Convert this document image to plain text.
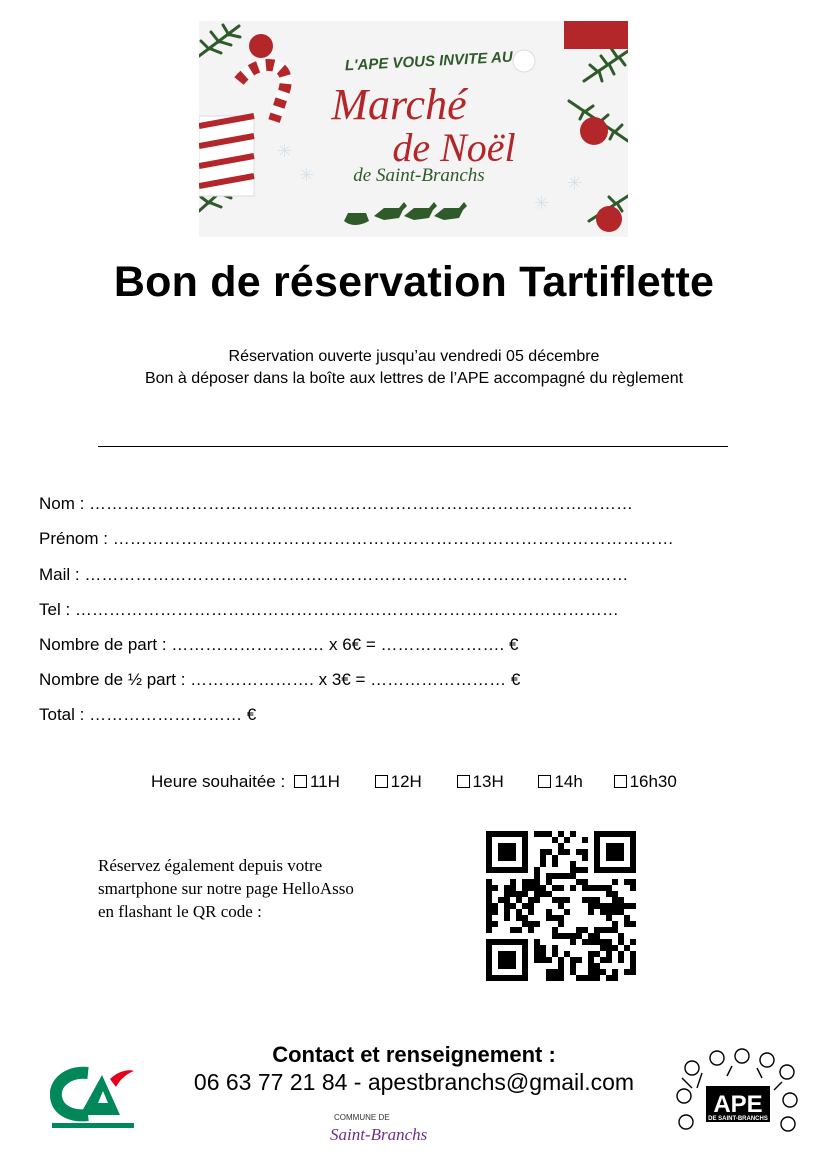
✳
✳
✳
✳
L'APE VOUS INVITE AU
Marché
de Noël
de Saint-Branchs
Bon de réservation Tartiflette
Réservation ouverte jusqu’au vendredi 05 décembre
Bon à déposer dans la boîte aux lettres de l’APE accompagné du règlement
Nom : ……………………………………………………………………………………
Prénom : ………………………………………………………………………………………
Mail : ……………………………………………………………………………………
Tel : ……………………………………………………………………………………
Nombre de part : ……………………… x 6€ = …………………. €
Nombre de ½ part : …………………. x 3€ = …………………… €
Total : ……………………… €
Heure souhaitée : 11H	12H	13H	14h	16h30
Réservez également depuis votre
smartphone sur notre page HelloAsso
en flashant le QR code :
Contact et renseignement :
06 63 77 21 84 - apestbranchs@gmail.com
COMMUNE DE
Saint-Branchs
APE
DE SAINT-BRANCHS
